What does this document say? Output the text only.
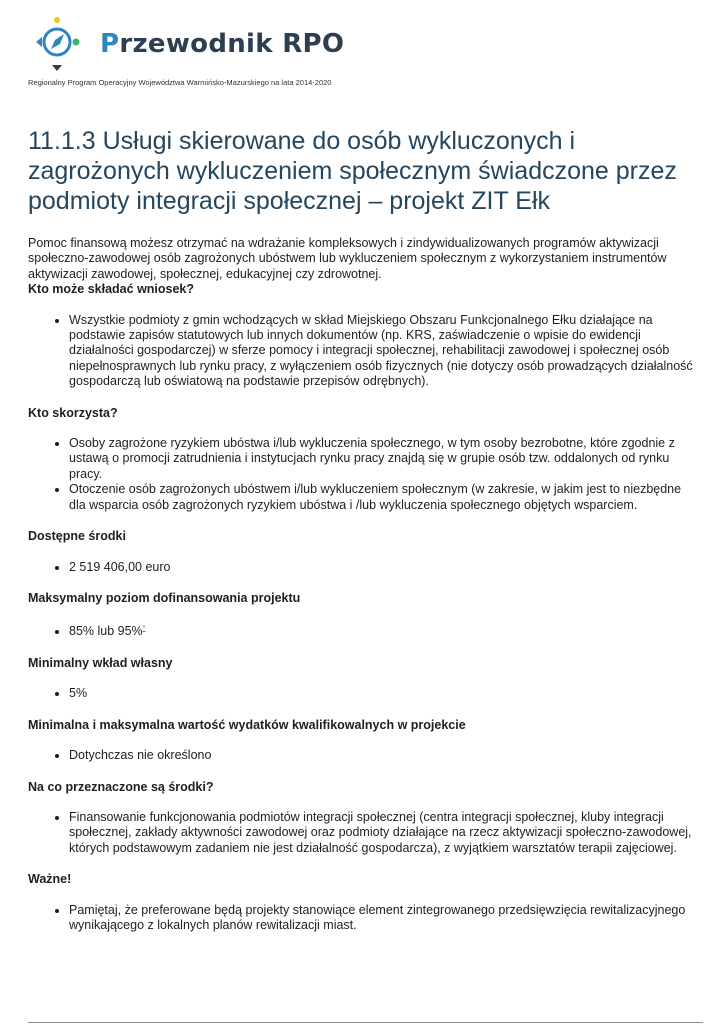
Przewodnik RPO
Regionalny Program Operacyjny Województwa Warmińsko-Mazurskiego na lata 2014-2020
11.1.3 Usługi skierowane do osób wykluczonych i zagrożonych wykluczeniem społecznym świadczone przez podmioty integracji społecznej – projekt ZIT Ełk

Pomoc finansową możesz otrzymać na wdrażanie kompleksowych i zindywidualizowanych programów aktywizacji społeczno-zawodowej osób zagrożonych ubóstwem lub wykluczeniem społecznym z wykorzystaniem instrumentów aktywizacji zawodowej, społecznej, edukacyjnej czy zdrowotnej.

Kto może składać wniosek?

• Wszystkie podmioty z gmin wchodzących w skład Miejskiego Obszaru Funkcjonalnego Ełku działające na podstawie zapisów statutowych lub innych dokumentów (np. KRS, zaświadczenie o wpisie do ewidencji działalności gospodarczej) w sferze pomocy i integracji społecznej, rehabilitacji zawodowej i społecznej osób niepełnosprawnych lub rynku pracy, z wyłączeniem osób fizycznych (nie dotyczy osób prowadzących działalność gospodarczą lub oświatową na podstawie przepisów odrębnych).

Kto skorzysta?

• Osoby zagrożone ryzykiem ubóstwa i/lub wykluczenia społecznego, w tym osoby bezrobotne, które zgodnie z ustawą o promocji zatrudnienia i instytucjach rynku pracy znajdą się w grupie osób tzw. oddalonych od rynku pracy.
• Otoczenie osób zagrożonych ubóstwem i/lub wykluczeniem społecznym (w zakresie, w jakim jest to niezbędne dla wsparcia osób zagrożonych ryzykiem ubóstwa i /lub wykluczenia społecznego objętych wsparciem.

Dostępne środki

• 2 519 406,00 euro

Maksymalny poziom dofinansowania projektu

• 85% lub 95%*

Minimalny wkład własny

• 5%

Minimalna i maksymalna wartość wydatków kwalifikowalnych w projekcie

• Dotychczas nie określono

Na co przeznaczone są środki?

• Finansowanie funkcjonowania podmiotów integracji społecznej (centra integracji społecznej, kluby integracji społecznej, zakłady aktywności zawodowej oraz podmioty działające na rzecz aktywizacji społeczno-zawodowej, których podstawowym zadaniem nie jest działalność gospodarcza), z wyjątkiem warsztatów terapii zajęciowej.

Ważne!

• Pamiętaj, że preferowane będą projekty stanowiące element zintegrowanego przedsięwzięcia rewitalizacyjnego wynikającego z lokalnych planów rewitalizacji miast.
